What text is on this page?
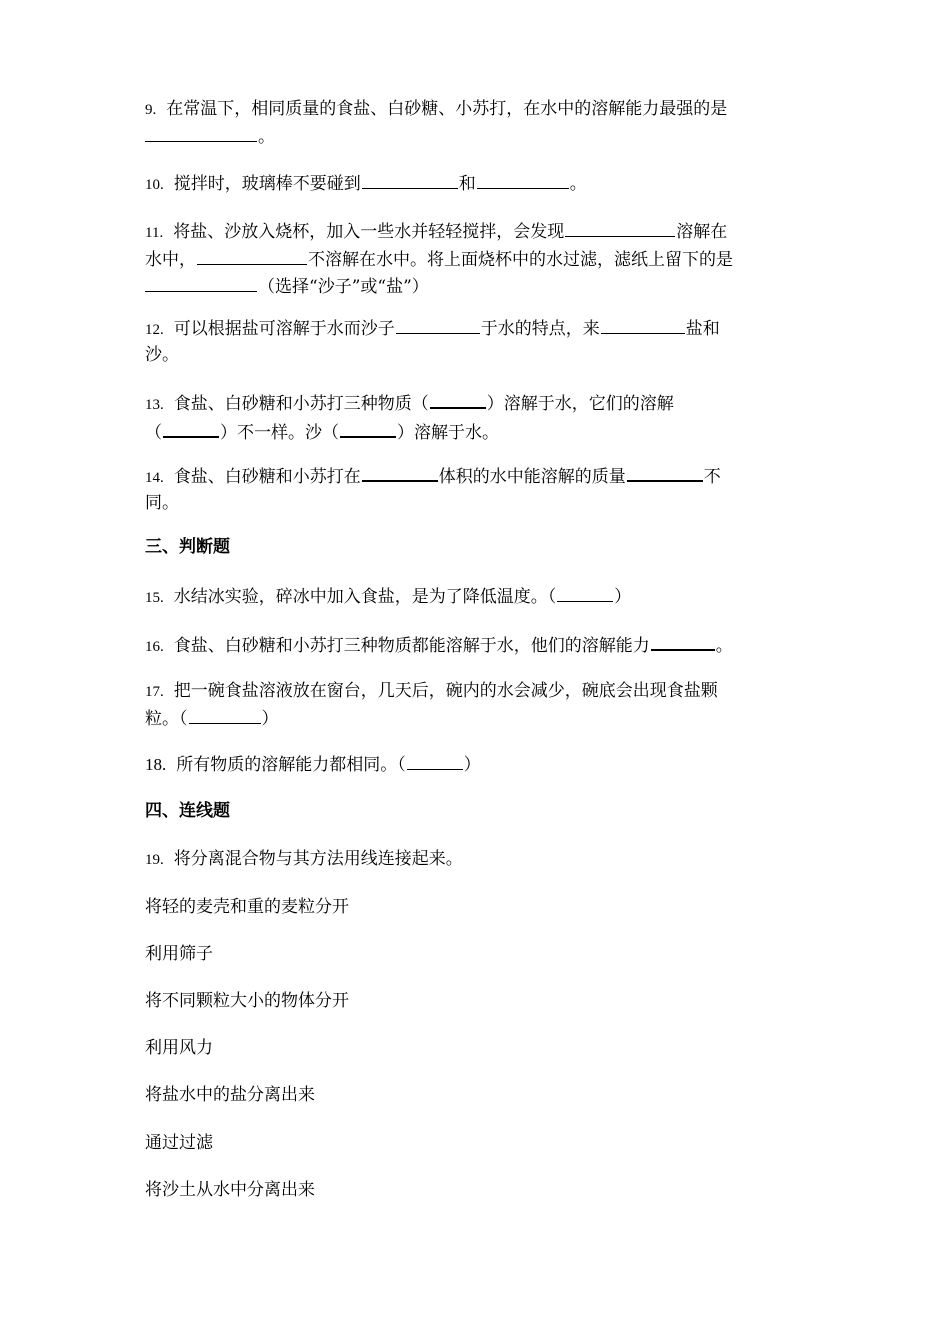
9. 在常温下，相同质量的食盐、白砂糖、小苏打，在水中的溶解能力最强的是
。
10. 搅拌时，玻璃棒不要碰到	和	。
11. 将盐、沙放入烧杯，加入一些水并轻轻搅拌，会发现	溶解在
水中，	不溶解在水中。将上面烧杯中的水过滤，滤纸上留下的是
（选择“沙子”或“盐”）
12. 可以根据盐可溶解于水而沙子	于水的特点，来	盐和
沙。
13. 食盐、白砂糖和小苏打三种物质（	）溶解于水，它们的溶解
（	）不一样。沙（	）溶解于水。
14. 食盐、白砂糖和小苏打在	体积的水中能溶解的质量	不
同。
三、判断题
15. 水结冰实验，碎冰中加入食盐，是为了降低温度。（	）
16. 食盐、白砂糖和小苏打三种物质都能溶解于水，他们的溶解能力	。
17. 把一碗食盐溶液放在窗台，几天后，碗内的水会减少，碗底会出现食盐颗
粒。（	）
18. 所有物质的溶解能力都相同。（	）
四、连线题
19. 将分离混合物与其方法用线连接起来。
将轻的麦壳和重的麦粒分开
利用筛子
将不同颗粒大小的物体分开
利用风力
将盐水中的盐分离出来
通过过滤
将沙土从水中分离出来
